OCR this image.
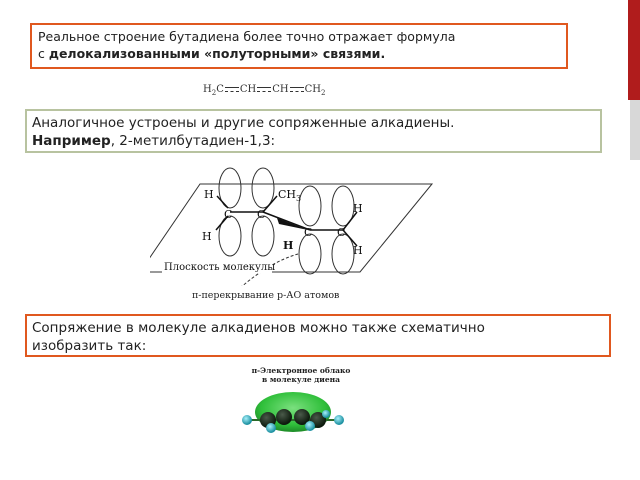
Реальное строение бутадиена более точно отражает формула
с делокализованными «полуторными» связями.
$H_2C$ CH CH $CH_2$
Аналогичное устроены и другие сопряженные алкадиены.
Например, 2-метилбутадиен-1,3:
H	$CH_3$
C C
H	C C
H
H
H
Плоскость молекулы
π-перекрывание р-АО атомов
Сопряжение в молекуле алкадиенов можно также схематично
изобразить так:
π-Электронное облако
в молекуле диена
